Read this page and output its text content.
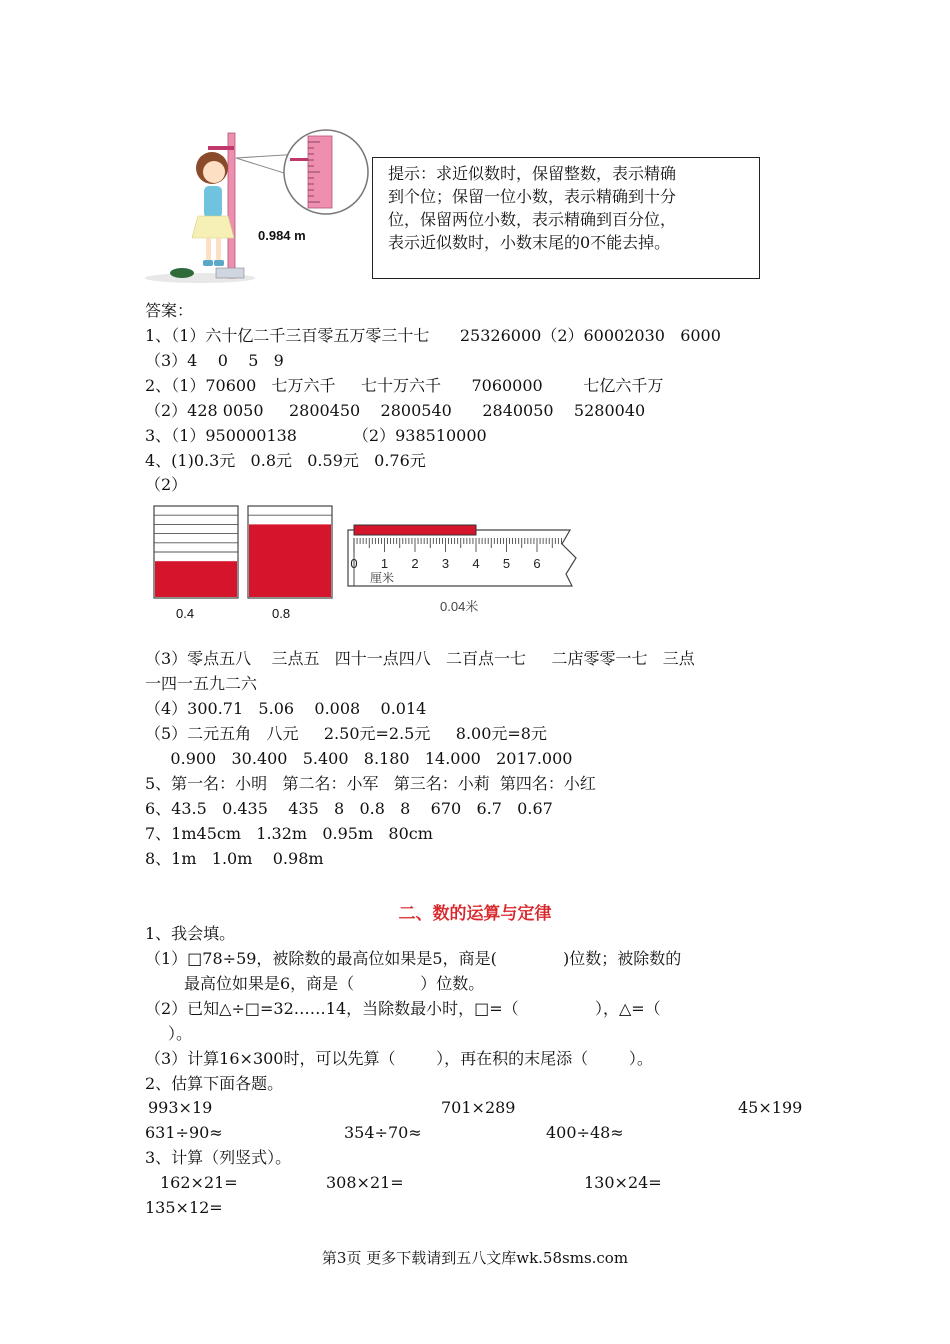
0.984 m
提示：求近似数时，保留整数，表示精确
到个位；保留一位小数，表示精确到十分
位，保留两位小数，表示精确到百分位，
表示近似数时，小数末尾的0不能去掉。
答案：
1、（1）六十亿二千三百零五万零三十七      25326000（2）60002030   6000
（3）4    0    5   9
2、（1）70600   七万六千     七十万六千      7060000        七亿六千万
（2）428 0050     2800450    2800540      2840050    5280040
3、（1）950000138           （2）938510000
4、(1)0.3元   0.8元   0.59元   0.76元
（2）
0 1 2 3 4 5 6
厘米
0.4	0.8	0.04米
（3）零点五八    三点五   四十一点四八   二百点一七     二店零零一七   三点
一四一五九二六
（4）300.71   5.06    0.008    0.014
（5）二元五角   八元     2.50元=2.5元     8.00元=8元
0.900   30.400   5.400   8.180   14.000   2017.000
5、第一名：小明   第二名：小军   第三名：小莉  第四名：小红
6、43.5   0.435    435   8   0.8   8    670   6.7   0.67
7、1m45cm   1.32m   0.95m   80cm
8、1m   1.0m    0.98m
二、数的运算与定律
1、我会填。
（1）□78÷59，被除数的最高位如果是5，商是(             )位数；被除数的
最高位如果是6，商是（             ）位数。
（2）已知△÷□=32……14，当除数最小时，□=（               ），△=（
）。
（3）计算16×300时，可以先算（        ），再在积的末尾添（        ）。
2、估算下面各题。
993×19	701×289	45×199
631÷90≈	354÷70≈	400÷48≈
3、计算（列竖式）。
162×21=	308×21=	130×24=
135×12=
第3页 更多下载请到五八文库wk.58sms.com
